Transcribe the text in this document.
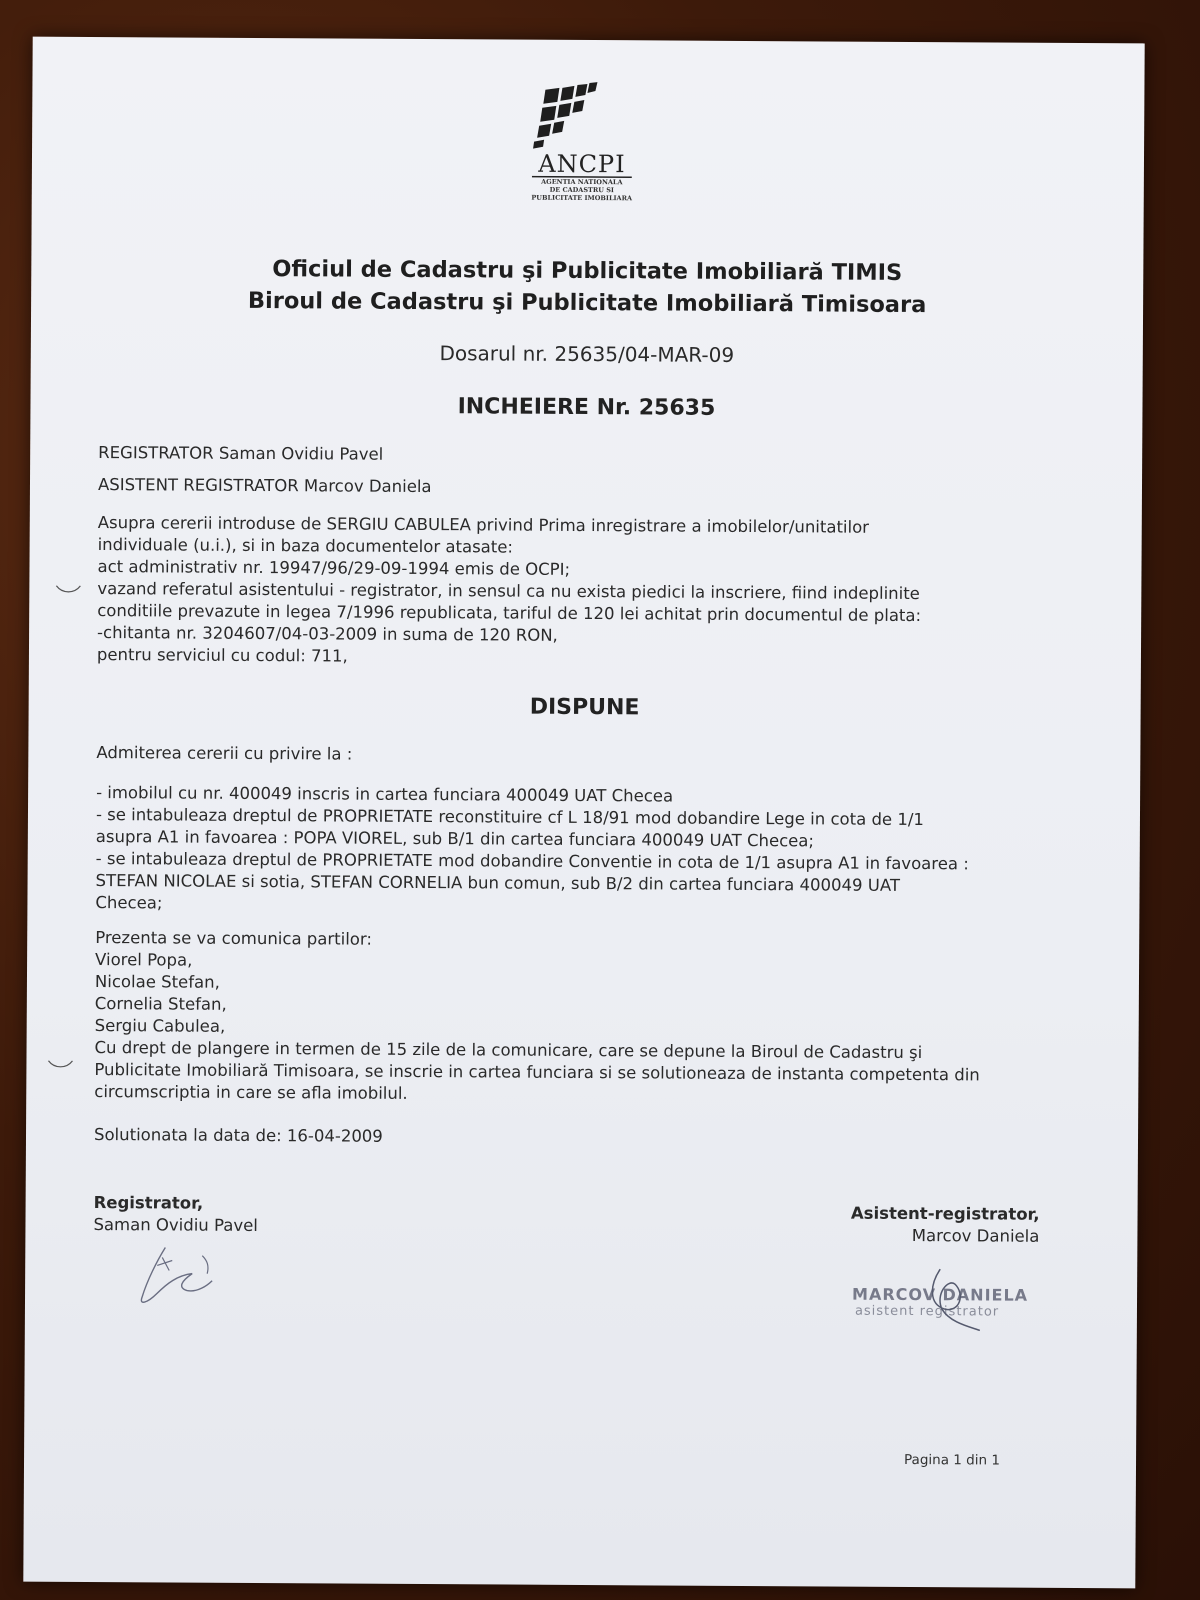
ANCPI
AGENTIA NATIONALA
DE CADASTRU SI
PUBLICITATE IMOBILIARA
Oficiul de Cadastru şi Publicitate Imobiliară TIMIS
Biroul de Cadastru şi Publicitate Imobiliară Timisoara
Dosarul nr. 25635/04-MAR-09
INCHEIERE Nr. 25635
REGISTRATOR Saman Ovidiu Pavel
ASISTENT REGISTRATOR Marcov Daniela
Asupra cererii introduse de SERGIU CABULEA privind Prima inregistrare a imobilelor/unitatilor
individuale (u.i.), si in baza documentelor atasate:
act administrativ nr. 19947/96/29-09-1994 emis de OCPI;
vazand referatul asistentului - registrator, in sensul ca nu exista piedici la inscriere, fiind indeplinite
conditiile prevazute in legea 7/1996 republicata, tariful de 120 lei achitat prin documentul de plata:
-chitanta nr. 3204607/04-03-2009 in suma de 120 RON,
pentru serviciul cu codul: 711,
DISPUNE
Admiterea cererii cu privire la :
- imobilul cu nr. 400049 inscris in cartea funciara 400049 UAT Checea
- se intabuleaza dreptul de PROPRIETATE reconstituire cf L 18/91 mod dobandire Lege in cota de 1/1
asupra A1 in favoarea : POPA VIOREL, sub B/1 din cartea funciara 400049 UAT Checea;
- se intabuleaza dreptul de PROPRIETATE mod dobandire Conventie in cota de 1/1 asupra A1 in favoarea :
STEFAN NICOLAE si sotia, STEFAN CORNELIA bun comun, sub B/2 din cartea funciara 400049 UAT
Checea;
Prezenta se va comunica partilor:
Viorel Popa,
Nicolae Stefan,
Cornelia Stefan,
Sergiu Cabulea,
Cu drept de plangere in termen de 15 zile de la comunicare, care se depune la Biroul de Cadastru şi
Publicitate Imobiliară Timisoara, se inscrie in cartea funciara si se solutioneaza de instanta competenta din
circumscriptia in care se afla imobilul.
Solutionata la data de: 16-04-2009
Registrator,
Saman Ovidiu Pavel
Asistent-registrator,
Marcov Daniela
MARCOV DANIELA
asistent registrator
Pagina 1 din 1
